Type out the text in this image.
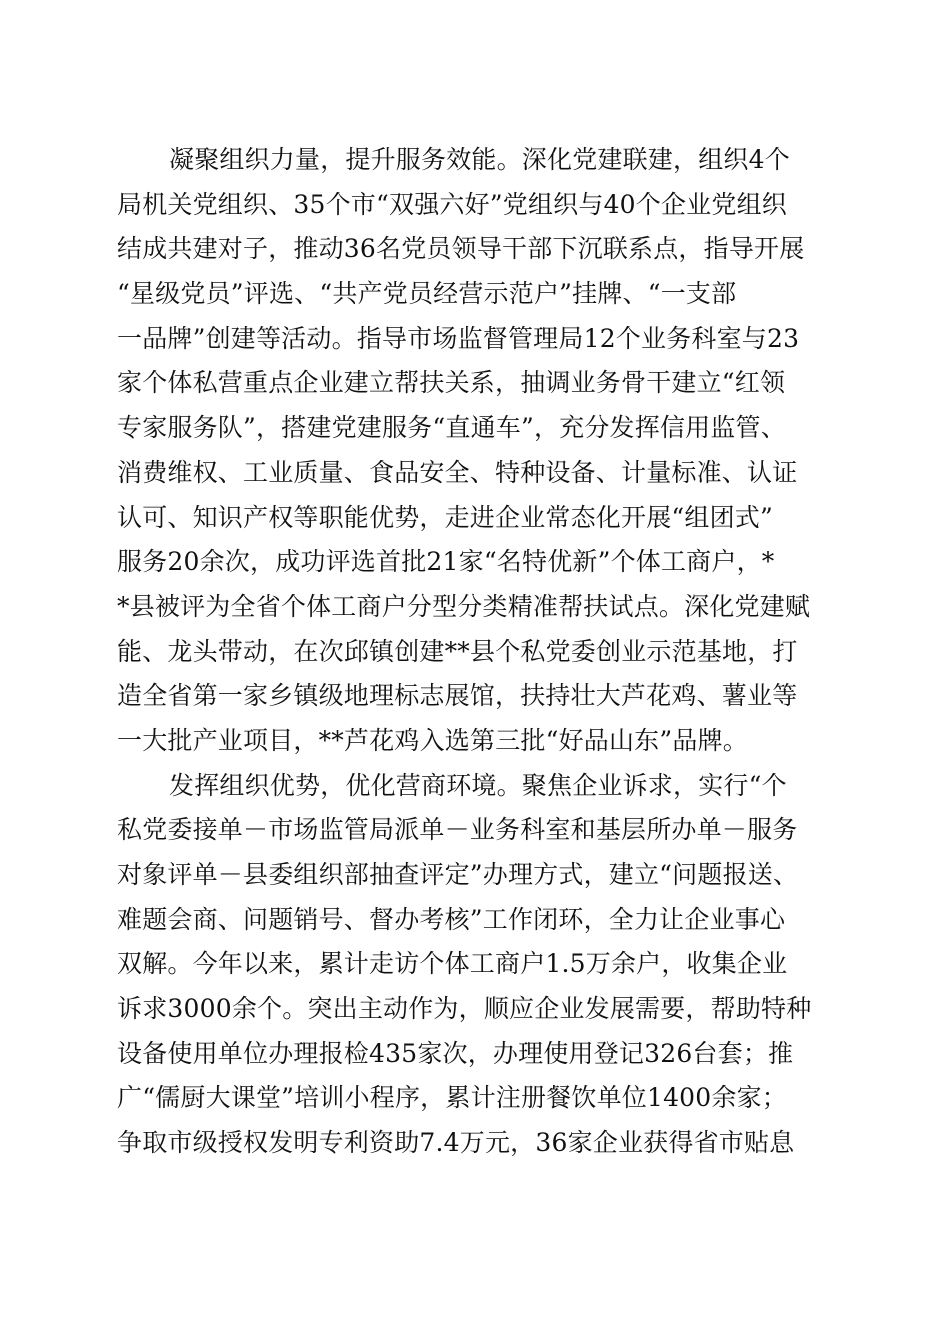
凝聚组织力量，提升服务效能。深化党建联建，组织4个
局机关党组织、35个市“双强六好”党组织与40个企业党组织
结成共建对子，推动36名党员领导干部下沉联系点，指导开展
“星级党员”评选、“共产党员经营示范户”挂牌、“一支部
一品牌”创建等活动。指导市场监督管理局12个业务科室与23
家个体私营重点企业建立帮扶关系，抽调业务骨干建立“红领
专家服务队”，搭建党建服务“直通车”，充分发挥信用监管、
消费维权、工业质量、食品安全、特种设备、计量标准、认证
认可、知识产权等职能优势，走进企业常态化开展“组团式”
服务20余次，成功评选首批21家“名特优新”个体工商户，*
*县被评为全省个体工商户分型分类精准帮扶试点。深化党建赋
能、龙头带动，在次邱镇创建**县个私党委创业示范基地，打
造全省第一家乡镇级地理标志展馆，扶持壮大芦花鸡、薯业等
一大批产业项目，**芦花鸡入选第三批“好品山东”品牌。
发挥组织优势，优化营商环境。聚焦企业诉求，实行“个
私党委接单－市场监管局派单－业务科室和基层所办单－服务
对象评单－县委组织部抽查评定”办理方式，建立“问题报送、
难题会商、问题销号、督办考核”工作闭环，全力让企业事心
双解。今年以来，累计走访个体工商户1.5万余户，收集企业
诉求3000余个。突出主动作为，顺应企业发展需要，帮助特种
设备使用单位办理报检435家次，办理使用登记326台套；推
广“儒厨大课堂”培训小程序，累计注册餐饮单位1400余家；
争取市级授权发明专利资助7.4万元，36家企业获得省市贴息
